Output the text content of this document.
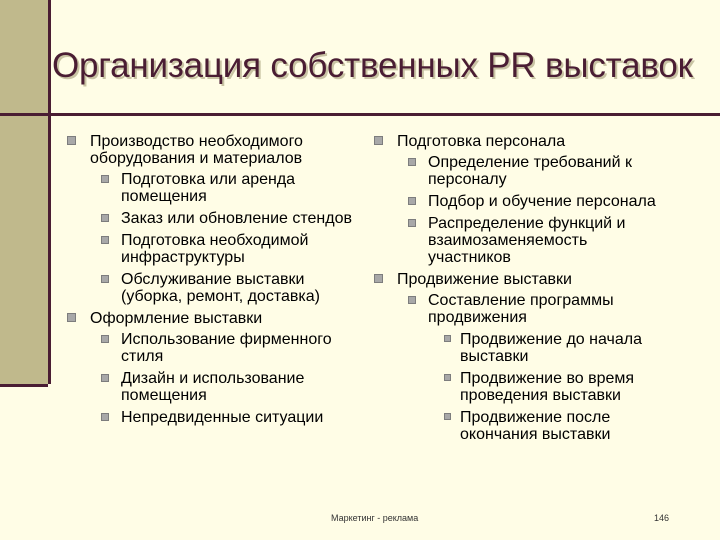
Организация собственных PR выставок

Производство необходимого оборудования и материалов

Подготовка или аренда помещения

Заказ или обновление стендов

Подготовка необходимой инфраструктуры

Обслуживание выставки (уборка, ремонт, доставка)

Оформление выставки

Использование фирменного стиля

Дизайн и использование помещения

Непредвиденные ситуации

Подготовка персонала

Определение требований к персоналу

Подбор и обучение персонала

Распределение функций и взаимозаменяемость участников

Продвижение выставки

Составление программы продвижения

Продвижение до начала выставки

Продвижение во время проведения выставки

Продвижение после окончания выставки

Маркетинг - реклама	146
